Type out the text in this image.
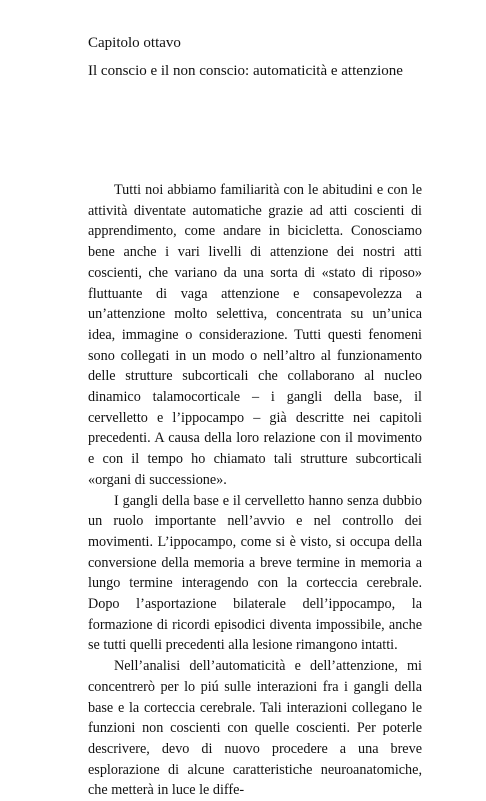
Capitolo ottavo
Il conscio e il non conscio: automaticità e attenzione

Tutti noi abbiamo familiarità con le abitudini e con le attività diventate automatiche grazie ad atti coscienti di apprendimento, come andare in bicicletta. Conosciamo bene anche i vari livelli di attenzione dei nostri atti coscienti, che variano da una sorta di «stato di riposo» fluttuante di vaga attenzione e consapevolezza a un’attenzione molto selettiva, concentrata su un’unica idea, immagine o considerazione. Tutti questi fenomeni sono collegati in un modo o nell’altro al funzionamento delle strutture subcorticali che collaborano al nucleo dinamico talamocorticale – i gangli della base, il cervelletto e l’ippocampo – già descritte nei capitoli precedenti. A causa della loro relazione con il movimento e con il tempo ho chiamato tali strutture subcorticali «organi di successione».

I gangli della base e il cervelletto hanno senza dubbio un ruolo importante nell’avvio e nel controllo dei movimenti. L’ippocampo, come si è visto, si occupa della conversione della memoria a breve termine in memoria a lungo termine interagendo con la corteccia cerebrale. Dopo l’asportazione bilaterale dell’ippocampo, la formazione di ricordi episodici diventa impossibile, anche se tutti quelli precedenti alla lesione rimangono intatti.

Nell’analisi dell’automaticità e dell’attenzione, mi concentrerò per lo piú sulle interazioni fra i gangli della base e la corteccia cerebrale. Tali interazioni collegano le funzioni non coscienti con quelle coscienti. Per poterle descrivere, devo di nuovo procedere a una breve esplorazione di alcune caratteristiche neuroanatomiche, che metterà in luce le diffe-
